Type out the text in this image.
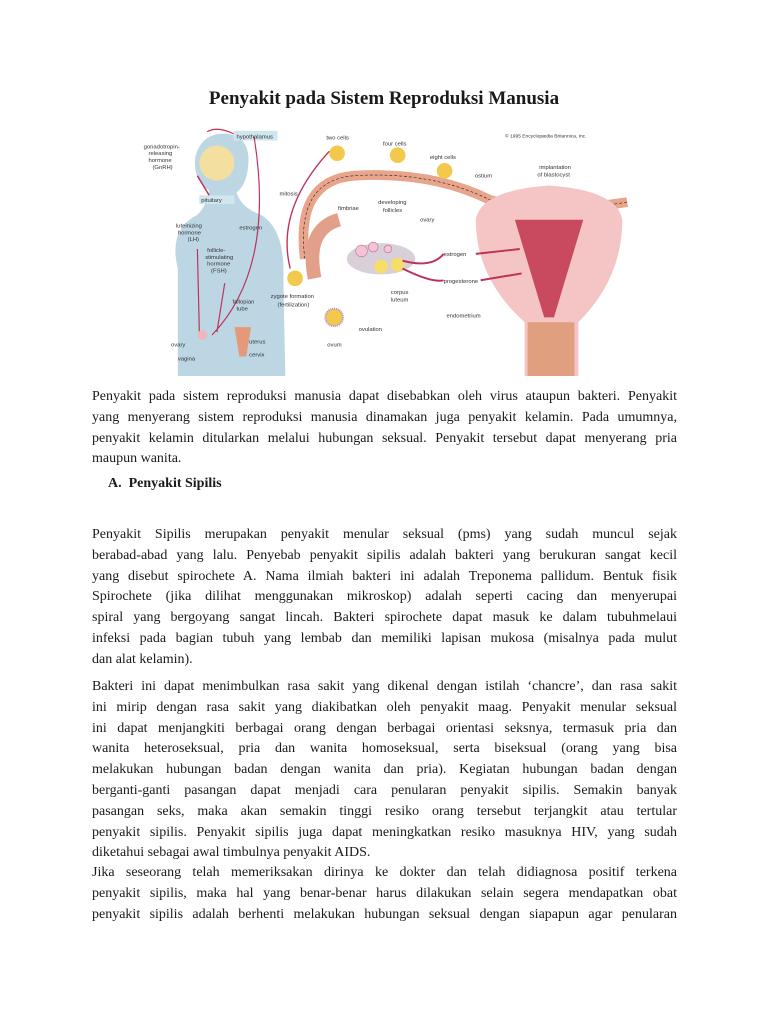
Penyakit pada Sistem Reproduksi Manusia
hypothalamus
gonadotropin-
releasing
hormone
(GnRH)
pituitary
luteinizing
hormone
(LH)
follicle-
stimulating
hormone
(FSH)
estrogen
fallopian
tube
ovary
vagina
uterus
cervix
two cells
four cells
eight cells
© 1995 Encyclopædia Britannica, Inc.
mitosis
fimbriae
developing
follicles
ovary
ostium
implantation
of blastocyst
estrogen
progesterone
zygote formation
(fertilization)
corpus
luteum
ovulation
ovum
endometrium
Penyakit pada sistem reproduksi manusia dapat disebabkan oleh virus ataupun bakteri. Penyakit
yang menyerang sistem reproduksi manusia dinamakan juga penyakit kelamin. Pada umumnya,
penyakit kelamin ditularkan melalui hubungan seksual. Penyakit tersebut dapat menyerang pria
maupun wanita.
A.  Penyakit Sipilis
Penyakit Sipilis merupakan penyakit menular seksual (pms) yang sudah muncul sejak
berabad-abad yang lalu. Penyebab penyakit sipilis adalah bakteri yang berukuran sangat kecil
yang disebut spirochete A. Nama ilmiah bakteri ini adalah Treponema pallidum. Bentuk fisik
Spirochete (jika dilihat menggunakan mikroskop) adalah seperti cacing dan menyerupai
spiral yang bergoyang sangat lincah. Bakteri spirochete dapat masuk ke dalam tubuhmelaui
infeksi pada bagian tubuh yang lembab dan memiliki lapisan mukosa (misalnya pada mulut
dan alat kelamin).
Bakteri ini dapat menimbulkan rasa sakit yang dikenal dengan istilah ‘chancre’, dan rasa sakit
ini mirip dengan rasa sakit yang diakibatkan oleh penyakit maag. Penyakit menular seksual
ini dapat menjangkiti berbagai orang dengan berbagai orientasi seksnya, termasuk pria dan
wanita heteroseksual, pria dan wanita homoseksual, serta biseksual (orang yang bisa
melakukan hubungan badan dengan wanita dan pria). Kegiatan hubungan badan dengan
berganti-ganti pasangan dapat menjadi cara penularan penyakit sipilis. Semakin banyak
pasangan seks, maka akan semakin tinggi resiko orang tersebut terjangkit atau tertular
penyakit sipilis. Penyakit sipilis juga dapat meningkatkan resiko masuknya HIV, yang sudah
diketahui sebagai awal timbulnya penyakit AIDS.
Jika seseorang telah memeriksakan dirinya ke dokter dan telah didiagnosa positif terkena
penyakit sipilis, maka hal yang benar-benar harus dilakukan selain segera mendapatkan obat
penyakit sipilis adalah berhenti melakukan hubungan seksual dengan siapapun agar penularan
